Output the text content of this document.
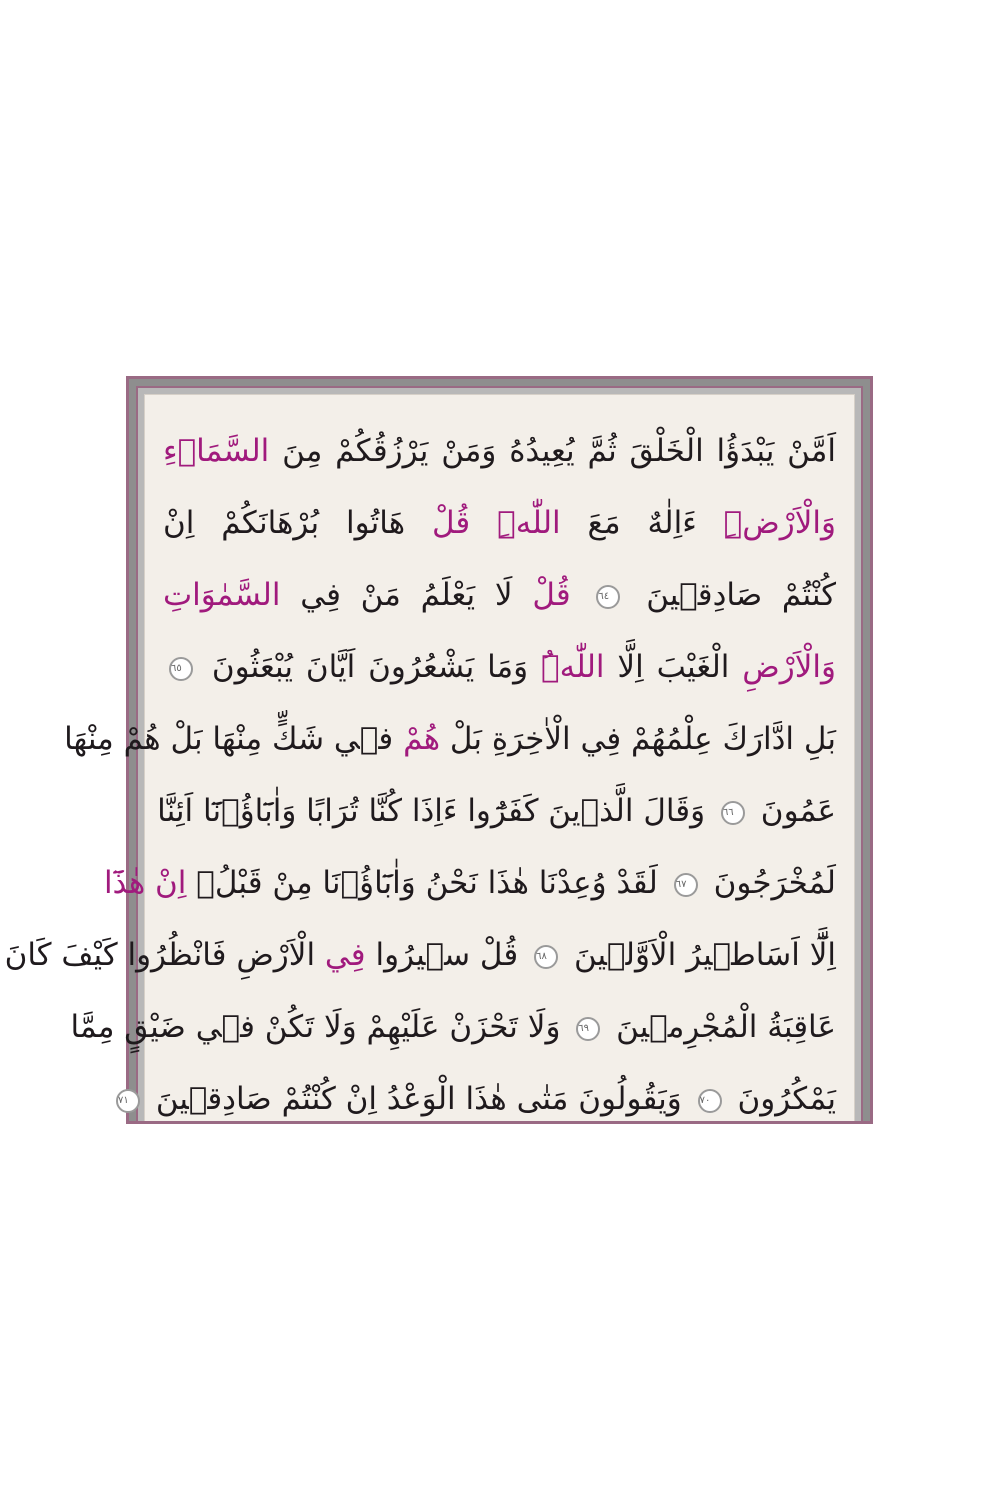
اَمَّنْ يَبْدَؤُا الْخَلْقَ ثُمَّ يُعِيدُهُ وَمَنْ يَرْزُقُكُمْ مِنَ السَّمَاۤءِ
وَالْاَرْضِۜ ءَاِلٰهٌ مَعَ اللّٰهِۜ قُلْ هَاتُوا بُرْهَانَكُمْ اِنْ
كُنْتُمْ صَادِق۪ينَ ٦٤ قُلْ لَا يَعْلَمُ مَنْ فِي السَّمٰوَاتِ
وَالْاَرْضِ الْغَيْبَ اِلَّا اللّٰهُۜ وَمَا يَشْعُرُونَ اَيَّانَ يُبْعَثُونَ ٦٥
بَلِ ادَّارَكَ عِلْمُهُمْ فِي الْاٰخِرَةِ بَلْ هُمْ ف۪ي شَكٍّ مِنْهَا بَلْ هُمْ مِنْهَا
عَمُونَ ٦٦ وَقَالَ الَّذ۪ينَ كَفَرُٓوا ءَاِذَا كُنَّا تُرَابًا وَاٰبَٓاؤُ۬نَٓا اَئِنَّا
لَمُخْرَجُونَ ٦٧ لَقَدْ وُعِدْنَا هٰذَا نَحْنُ وَاٰبَٓاؤُ۬نَا مِنْ قَبْلُۙ اِنْ هٰذَٓا
اِلَّٓا اَسَاط۪يرُ الْاَوَّل۪ينَ ٦٨ قُلْ س۪يرُوا فِي الْاَرْضِ فَانْظُرُوا كَيْفَ كَانَ
عَاقِبَةُ الْمُجْرِم۪ينَ ٦٩ وَلَا تَحْزَنْ عَلَيْهِمْ وَلَا تَكُنْ ف۪ي ضَيْقٍ مِمَّا
يَمْكُرُونَ ٧٠ وَيَقُولُونَ مَتٰى هٰذَا الْوَعْدُ اِنْ كُنْتُمْ صَادِق۪ينَ ٧١
